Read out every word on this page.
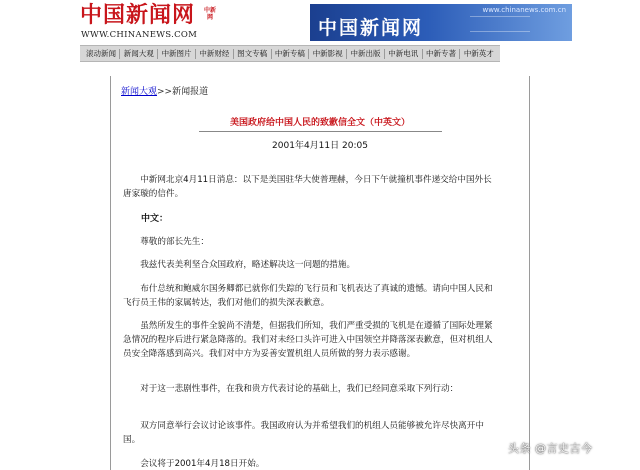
中国新闻网 中新网
WWW.CHINANEWS.COM
www.chinanews.com.cn
中国新闻网
滚动新闻 新闻大观 中新图片 中新财经 图文专稿 中新专稿 中新影视 中新出版 中新电讯 中新专著 中新英才
新闻大观>>新闻报道
美国政府给中国人民的致歉信全文（中英文）
2001年4月11日 20:05

中新网北京4月11日消息：以下是美国驻华大使普理赫，今日下午就撞机事件递交给中国外长唐家璇的信件。

中文：

尊敬的部长先生：

我兹代表美利坚合众国政府，略述解决这一问题的措施。

布什总统和鲍威尔国务卿都已就你们失踪的飞行员和飞机表达了真诚的遗憾。请向中国人民和飞行员王伟的家属转达，我们对他们的损失深表歉意。

虽然所发生的事件全貌尚不清楚，但据我们所知，我们严重受损的飞机是在遵循了国际处理紧急情况的程序后进行紧急降落的。我们对未经口头许可进入中国领空并降落深表歉意，但对机组人员安全降落感到高兴。我们对中方为妥善安置机组人员所做的努力表示感谢。

对于这一悲剧性事件，在我和贵方代表讨论的基础上，我们已经同意采取下列行动：

双方同意举行会议讨论该事件。我国政府认为并希望我们的机组人员能够被允许尽快离开中国。

会议将于2001年4月18日开始。

头条 @言史古今
